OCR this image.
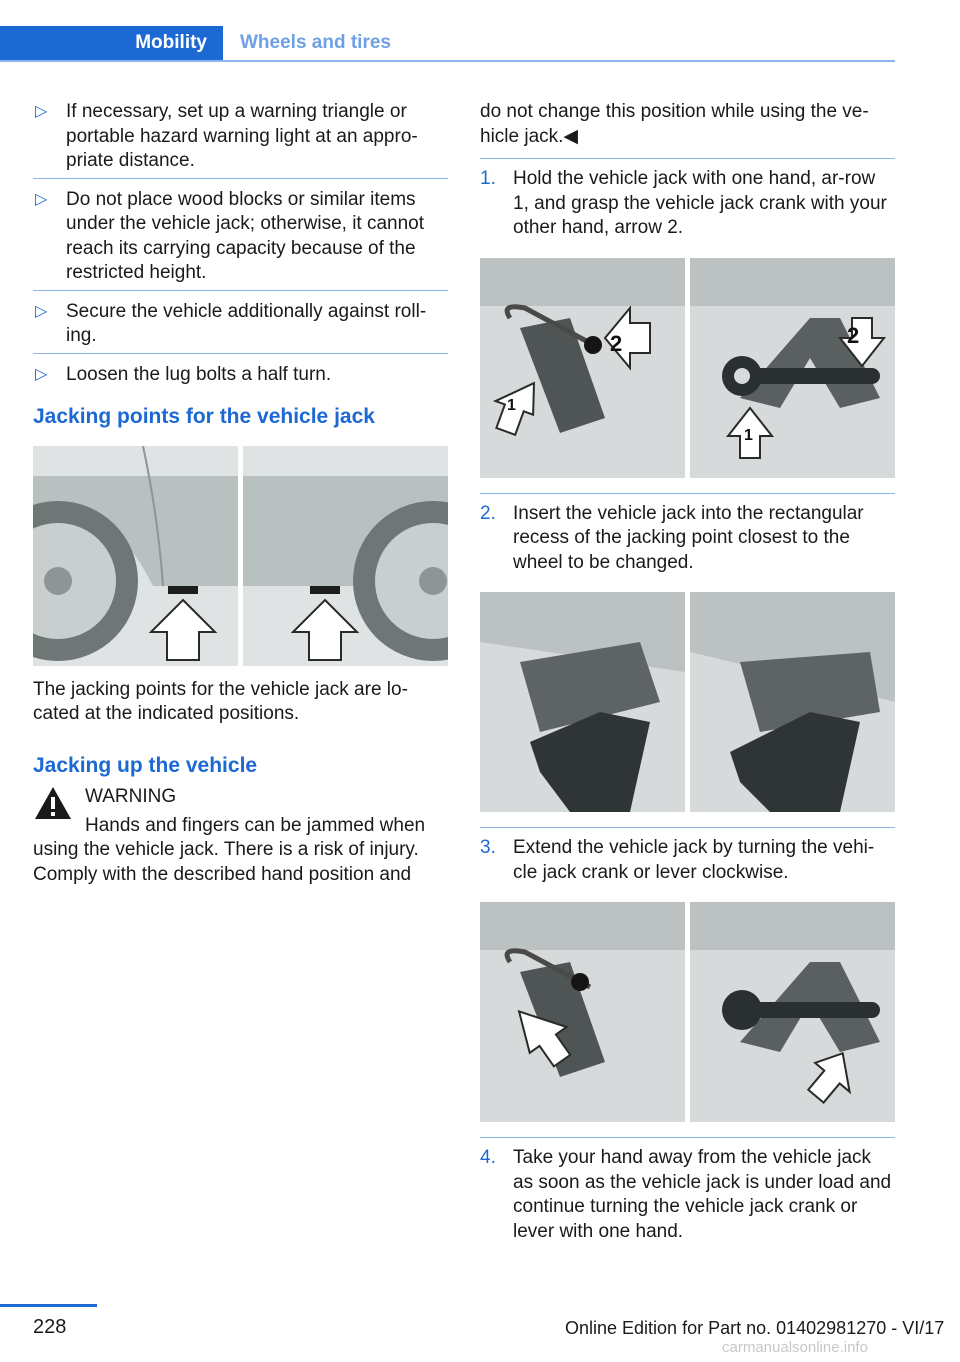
Mobility	Wheels and tires
▷ If necessary, set up a warning triangle or portable hazard warning light at an appro‐priate distance.
▷ Do not place wood blocks or similar items under the vehicle jack; otherwise, it cannot reach its carrying capacity because of the restricted height.
▷ Secure the vehicle additionally against roll‐ing.
▷ Loosen the lug bolts a half turn.
Jacking points for the vehicle jack

The jacking points for the vehicle jack are lo‐cated at the indicated positions.

Jacking up the vehicle
WARNING
Hands and fingers can be jammed when
using the vehicle jack. There is a risk of injury. Comply with the described hand position and

do not change this position while using the ve‐hicle jack.◀

1. Hold the vehicle jack with one hand, ar‐row 1, and grasp the vehicle jack crank with your other hand, arrow 2.
2
1
2
1
2. Insert the vehicle jack into the rectangular recess of the jacking point closest to the wheel to be changed.
3. Extend the vehicle jack by turning the vehi‐cle jack crank or lever clockwise.
4. Take your hand away from the vehicle jack as soon as the vehicle jack is under load and continue turning the vehicle jack crank or lever with one hand.
228	Online Edition for Part no. 01402981270 - VI/17
carmanualsonline.info
